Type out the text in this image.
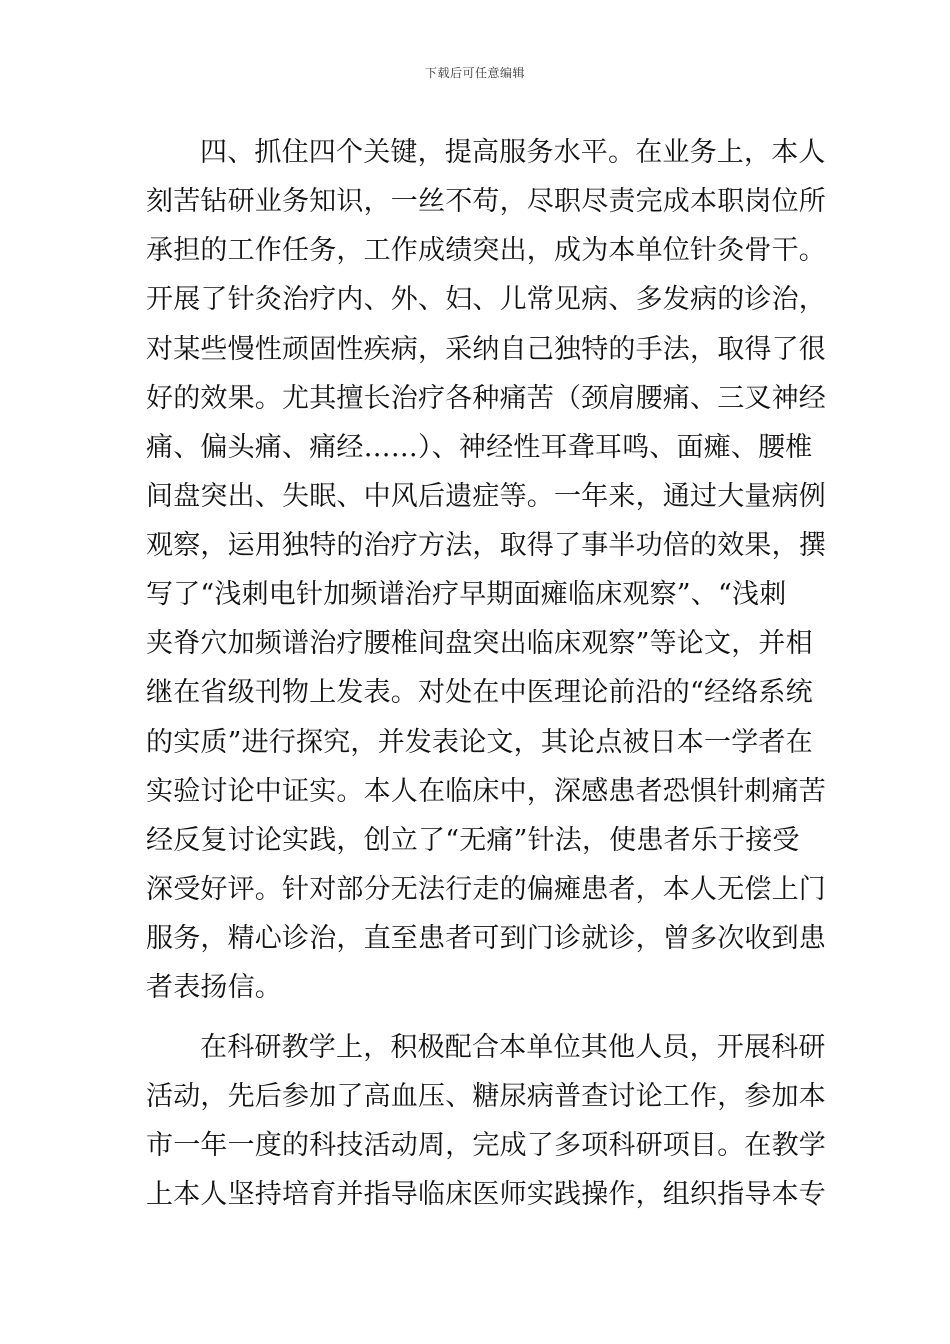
下载后可任意编辑
四、抓住四个关键，提高服务水平。在业务上，本人
刻苦钻研业务知识，一丝不苟，尽职尽责完成本职岗位所
承担的工作任务，工作成绩突出，成为本单位针灸骨干。
开展了针灸治疗内、外、妇、儿常见病、多发病的诊治，
对某些慢性顽固性疾病，采纳自己独特的手法，取得了很
好的效果。尤其擅长治疗各种痛苦（颈肩腰痛、三叉神经
痛、偏头痛、痛经……）、神经性耳聋耳鸣、面瘫、腰椎
间盘突出、失眠、中风后遗症等。一年来，通过大量病例
观察，运用独特的治疗方法，取得了事半功倍的效果，撰
写了“浅刺电针加频谱治疗早期面瘫临床观察”、“浅刺
夹脊穴加频谱治疗腰椎间盘突出临床观察”等论文，并相
继在省级刊物上发表。对处在中医理论前沿的“经络系统
的实质”进行探究，并发表论文，其论点被日本一学者在
实验讨论中证实。本人在临床中，深感患者恐惧针刺痛苦
经反复讨论实践，创立了“无痛”针法，使患者乐于接受
深受好评。针对部分无法行走的偏瘫患者，本人无偿上门
服务，精心诊治，直至患者可到门诊就诊，曾多次收到患
者表扬信。
在科研教学上，积极配合本单位其他人员，开展科研
活动，先后参加了高血压、糖尿病普查讨论工作，参加本
市一年一度的科技活动周，完成了多项科研项目。在教学
上本人坚持培育并指导临床医师实践操作，组织指导本专
